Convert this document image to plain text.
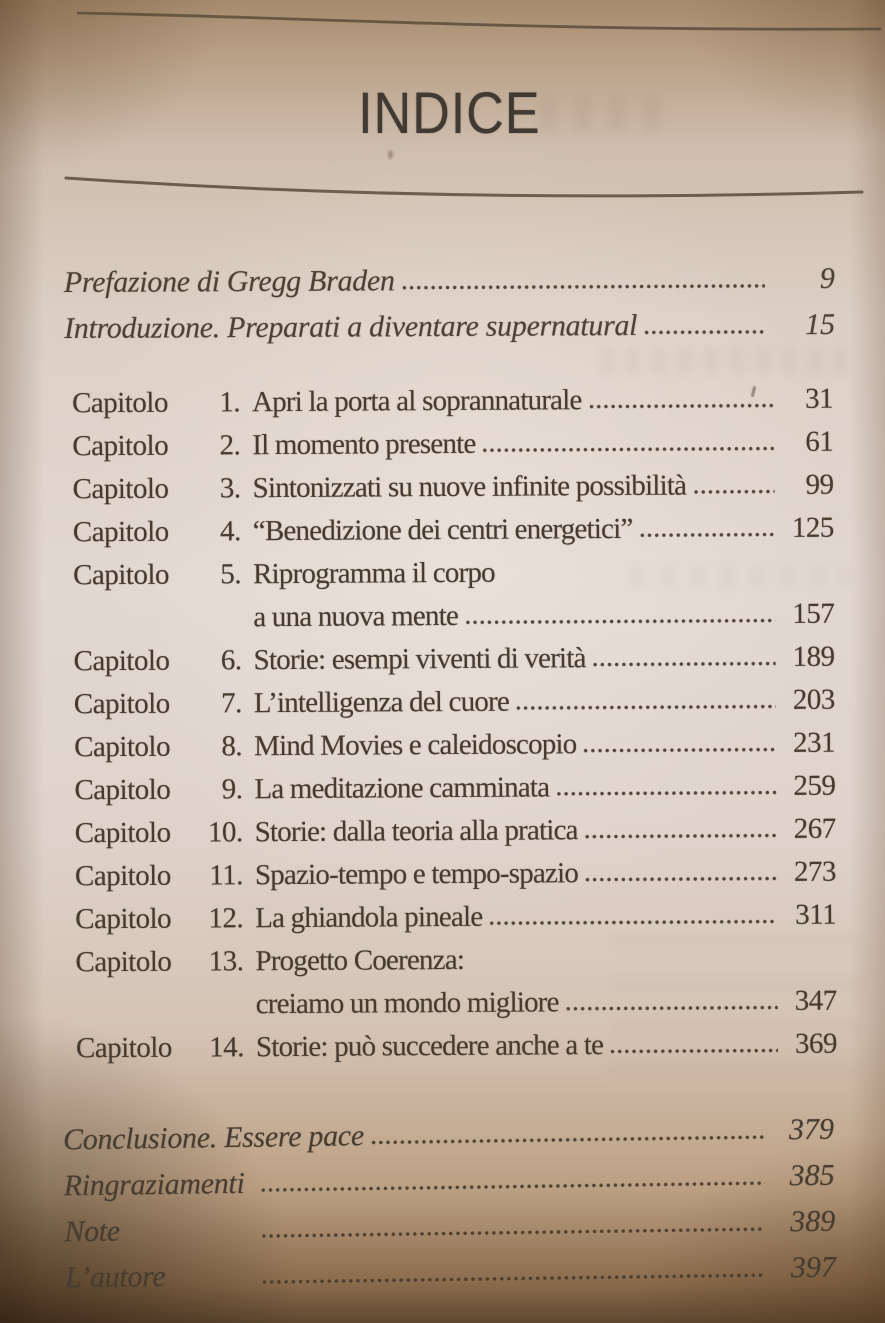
INDICE
Prefazione di Gregg Braden	9
Introduzione. Preparati a diventare supernatural	15
Capitolo	1. Apri la porta al soprannaturale	31
Capitolo	2. Il momento presente	61
Capitolo	3. Sintonizzati su nuove infinite possibilità	99
Capitolo	4. “Benedizione dei centri energetici”	125
Capitolo	5. Riprogramma il corpo
a una nuova mente	157
Capitolo	6. Storie: esempi viventi di verità	189
Capitolo	7. L’intelligenza del cuore	203
Capitolo	8. Mind Movies e caleidoscopio	231
Capitolo	9. La meditazione camminata	259
Capitolo	10. Storie: dalla teoria alla pratica	267
Capitolo	11. Spazio-tempo e tempo-spazio	273
Capitolo	12. La ghiandola pineale	311
Capitolo	13. Progetto Coerenza:
creiamo un mondo migliore	347
Capitolo	14. Storie: può succedere anche a te	369
Conclusione. Essere pace	379
Ringraziamenti	385
Note	389
L’autore	397
